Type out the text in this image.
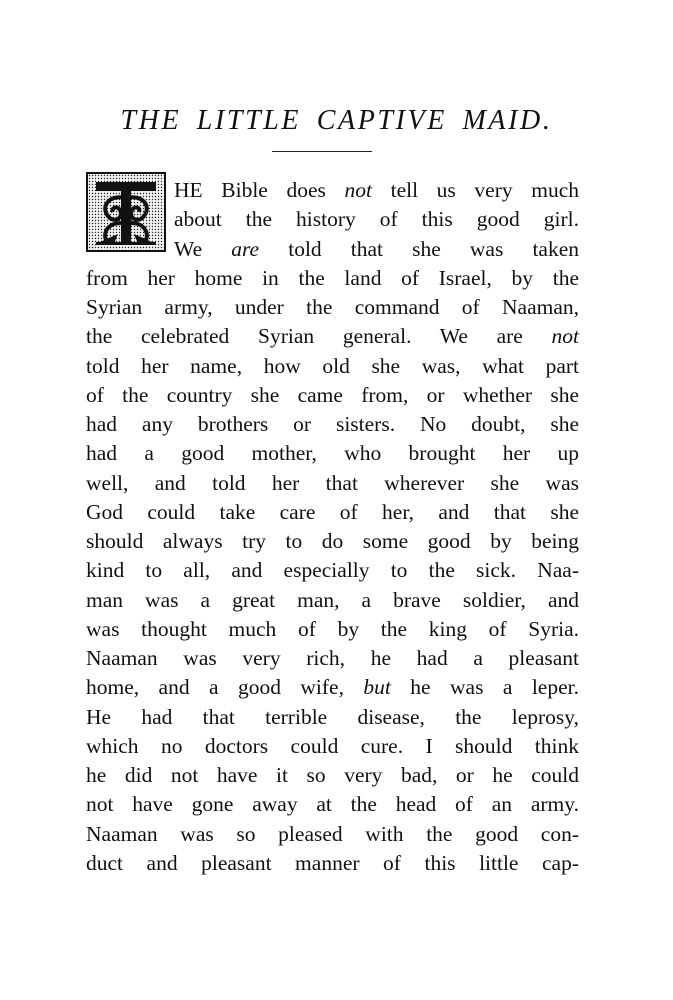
THE LITTLE CAPTIVE MAID.
HE Bible does not tell us very much
about the history of this good girl.
We are told that she was taken
from her home in the land of Israel, by the
Syrian army, under the command of Naaman,
the celebrated Syrian general. We are not
told her name, how old she was, what part
of the country she came from, or whether she
had any brothers or sisters. No doubt, she
had a good mother, who brought her up
well, and told her that wherever she was
God could take care of her, and that she
should always try to do some good by being
kind to all, and especially to the sick. Naa-
man was a great man, a brave soldier, and
was thought much of by the king of Syria.
Naaman was very rich, he had a pleasant
home, and a good wife, but he was a leper.
He had that terrible disease, the leprosy,
which no doctors could cure. I should think
he did not have it so very bad, or he could
not have gone away at the head of an army.
Naaman was so pleased with the good con-
duct and pleasant manner of this little cap-
